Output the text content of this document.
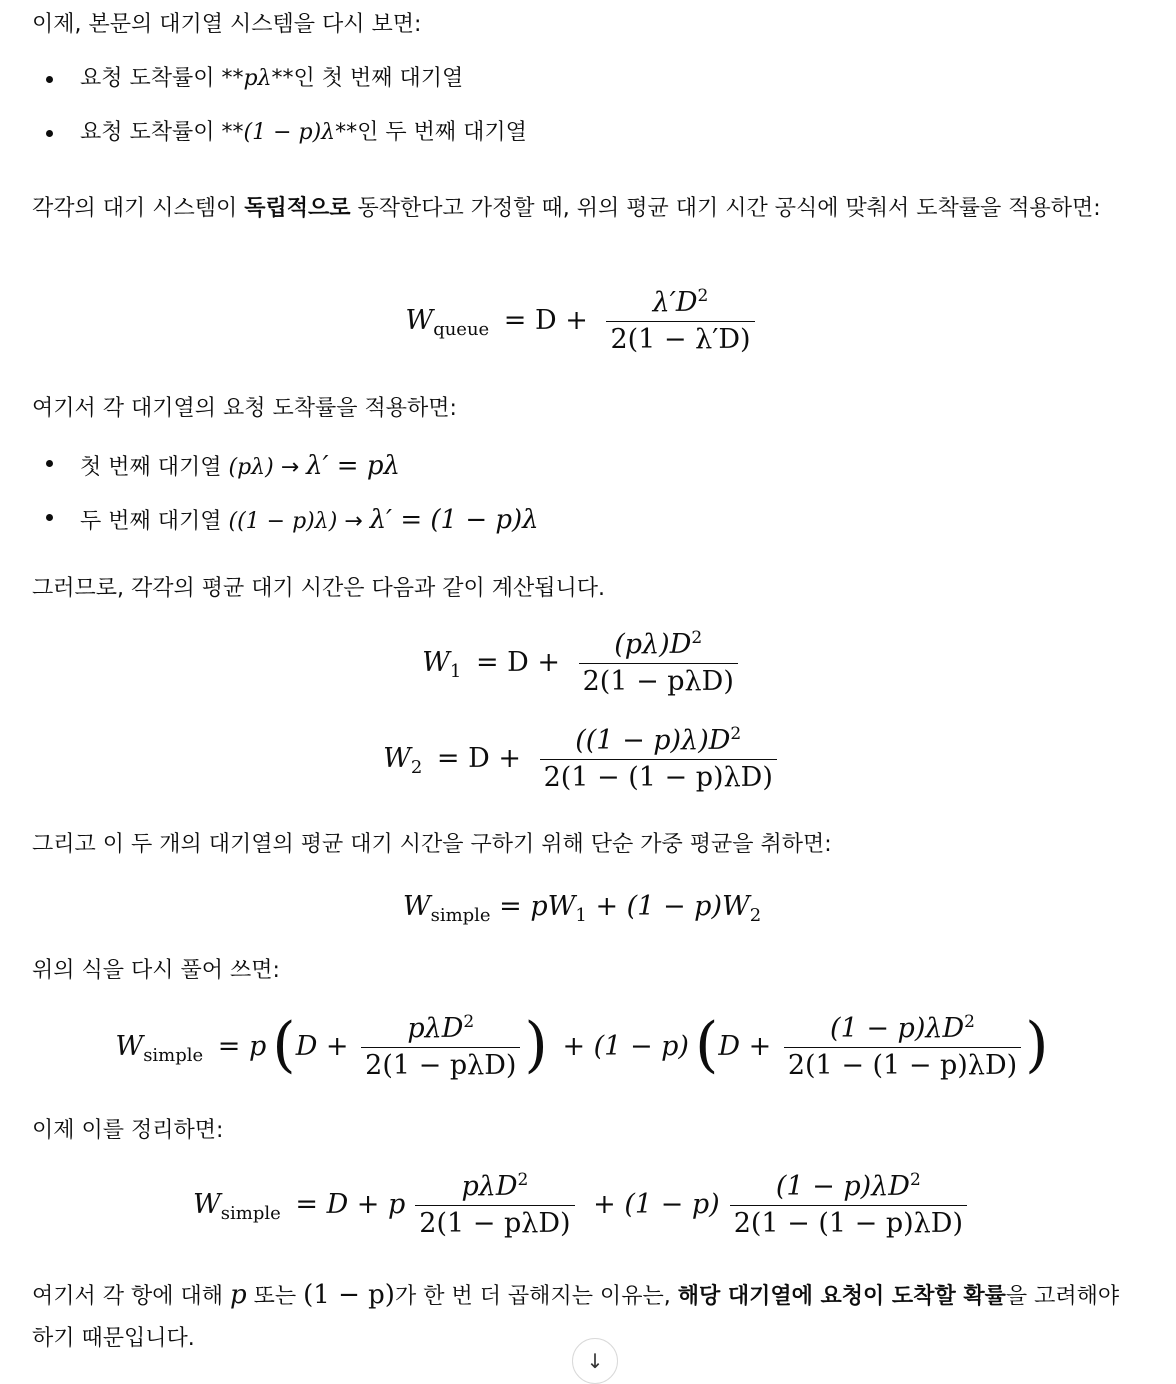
이제, 본문의 대기열 시스템을 다시 보면:

요청 도착률이 **pλ**인 첫 번째 대기열
요청 도착률이 **(1 − p)λ**인 두 번째 대기열

각각의 대기 시스템이 독립적으로 동작한다고 가정할 때, 위의 평균 대기 시간 공식에 맞춰서 도착률을 적용하면:

$W_{queue} = D + \frac{\lambda'D^2}{2(1 - \lambda'D)}$

여기서 각 대기열의 요청 도착률을 적용하면:

첫 번째 대기열 (pλ) → λ′ = pλ
두 번째 대기열 ((1 − p)λ) → λ′ = (1 − p)λ

그러므로, 각각의 평균 대기 시간은 다음과 같이 계산됩니다.

$W_1 = D + \frac{(p\lambda)D^2}{\text{2(1 − pλD)}}$
$W_2 = D + \frac{((1 - p)\lambda)D^2}{2(1 - (1 - p)\lambda D)}$

그리고 이 두 개의 대기열의 평균 대기 시간을 구하기 위해 단순 가중 평균을 취하면:

$W_{simple} = pW_1 + (1 - p)W_2$

위의 식을 다시 풀어 쓰면:

$W_{simple} = p$ ($D + \frac{p\lambda D^2}{\text{2(1 − pλD)}}$ ) + (1 − p) ($D + \frac{(1 - p)\lambda D^2}{2(1 - (1 - p)\lambda D)}$ )

이제 이를 정리하면:

$W_{simple} = D + p \frac{p\lambda D^2}{\text{2(1 − pλD)}} + (1 - p) \frac{(1 - p)\lambda D^2}{2(1 - (1 - p)\lambda D)}$

여기서 각 항에 대해 p 또는 (1 − p)가 한 번 더 곱해지는 이유는, 해당 대기열에 요청이 도착할 확률을 고려해야 하기 때문입니다.

↓
